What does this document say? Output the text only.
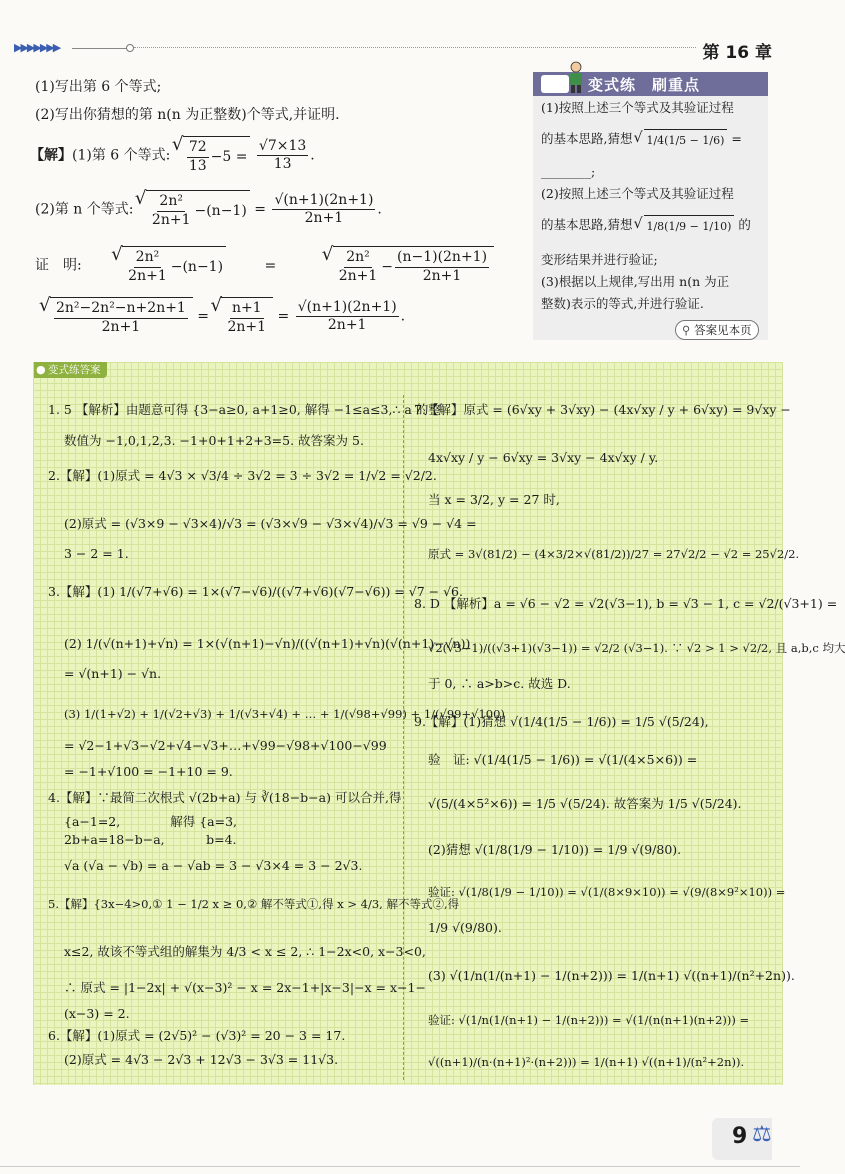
▶▶▶▶▶▶▶	第 16 章
(1)写出第 6 个等式;
(2)写出你猜想的第 n(n 为正整数)个等式,并证明.
【解】(1)第 6 个等式: √ $\frac{72}{13} -5 = \frac{√7\times 13}{13}$ .
(2)第 n 个等式: √ $\frac{\text{2n²}}{2n+1} -(n-1) = \frac{√(n+1)(2n+1)}{2n+1}$ .
证　明:	√ $\frac{\text{2n²}}{2n+1} -(n-1)$	=	√ $\frac{\text{2n²}}{2n+1} - \frac{(n-1)(2n+1)}{2n+1}$
√ $\frac{\text{2n²−2n²−n+2n+1}}{2n+1}$ = √ $\frac{n+1}{2n+1} = \frac{√(n+1)(2n+1)}{2n+1}$ .
变式练　刷重点
(1)按照上述三个等式及其验证过程
的基本思路,猜想 √ 1/4(1/5 − 1/6) =
________;
(2)按照上述三个等式及其验证过程
的基本思路,猜想 √ 1/8(1/9 − 1/10) 的
变形结果并进行验证;
(3)根据以上规律,写出用 n(n 为正
整数)表示的等式,并进行验证.
⚲ 答案见本页
变式练答案
●
1. 5 【解析】由题意可得 {3−a≥0, a+1≥0, 解得 −1≤a≤3,∴ a 的整
数值为 −1,0,1,2,3. −1+0+1+2+3=5. 故答案为 5.
2.【解】(1)原式 = 4√3 × √3/4 ÷ 3√2 = 3 ÷ 3√2 = 1/√2 = √2/2.
(2)原式 = (√3×9 − √3×4)/√3 = (√3×√9 − √3×√4)/√3 = √9 − √4 =
3 − 2 = 1.
3.【解】(1) 1/(√7+√6) = 1×(√7−√6)/((√7+√6)(√7−√6)) = √7 − √6.
(2) 1/(√(n+1)+√n) = 1×(√(n+1)−√n)/((√(n+1)+√n)(√(n+1)−√n))
= √(n+1) − √n.
(3) 1/(1+√2) + 1/(√2+√3) + 1/(√3+√4) + … + 1/(√98+√99) + 1/(√99+√100)
= √2−1+√3−√2+√4−√3+…+√99−√98+√100−√99
= −1+√100 = −1+10 = 9.
4.【解】∵最简二次根式 √(2b+a) 与 ∛(18−b−a) 可以合并,得
{a−1=2,　　　　解得 {a=3,
2b+a=18−b−a,　　　 b=4.
√a (√a − √b) = a − √ab = 3 − √3×4 = 3 − 2√3.
5.【解】{3x−4>0,① 1 − 1/2 x ≥ 0,② 解不等式①,得 x > 4/3, 解不等式②,得
x≤2, 故该不等式组的解集为 4/3 < x ≤ 2, ∴ 1−2x<0, x−3<0,
∴ 原式 = |1−2x| + √(x−3)² − x = 2x−1+|x−3|−x = x−1−
(x−3) = 2.
6.【解】(1)原式 = (2√5)² − (√3)² = 20 − 3 = 17.
(2)原式 = 4√3 − 2√3 + 12√3 − 3√3 = 11√3.
7.【解】原式 = (6√xy + 3√xy) − (4x√xy / y + 6√xy) = 9√xy −
4x√xy / y − 6√xy = 3√xy − 4x√xy / y.
当 x = 3/2, y = 27 时,
原式 = 3√(81/2) − (4×3/2×√(81/2))/27 = 27√2/2 − √2 = 25√2/2.
8. D 【解析】a = √6 − √2 = √2(√3−1), b = √3 − 1, c = √2/(√3+1) =
√2(√3−1)/((√3+1)(√3−1)) = √2/2 (√3−1). ∵ √2 > 1 > √2/2, 且 a,b,c 均大
于 0, ∴ a>b>c. 故选 D.
9.【解】(1)猜想 √(1/4(1/5 − 1/6)) = 1/5 √(5/24),
验　证: √(1/4(1/5 − 1/6)) = √(1/(4×5×6)) =
√(5/(4×5²×6)) = 1/5 √(5/24). 故答案为 1/5 √(5/24).
(2)猜想 √(1/8(1/9 − 1/10)) = 1/9 √(9/80).
验证: √(1/8(1/9 − 1/10)) = √(1/(8×9×10)) = √(9/(8×9²×10)) =
1/9 √(9/80).
(3) √(1/n(1/(n+1) − 1/(n+2))) = 1/(n+1) √((n+1)/(n²+2n)).
验证: √(1/n(1/(n+1) − 1/(n+2))) = √(1/(n(n+1)(n+2))) =
√((n+1)/(n·(n+1)²·(n+2))) = 1/(n+1) √((n+1)/(n²+2n)).
9 ⚖
